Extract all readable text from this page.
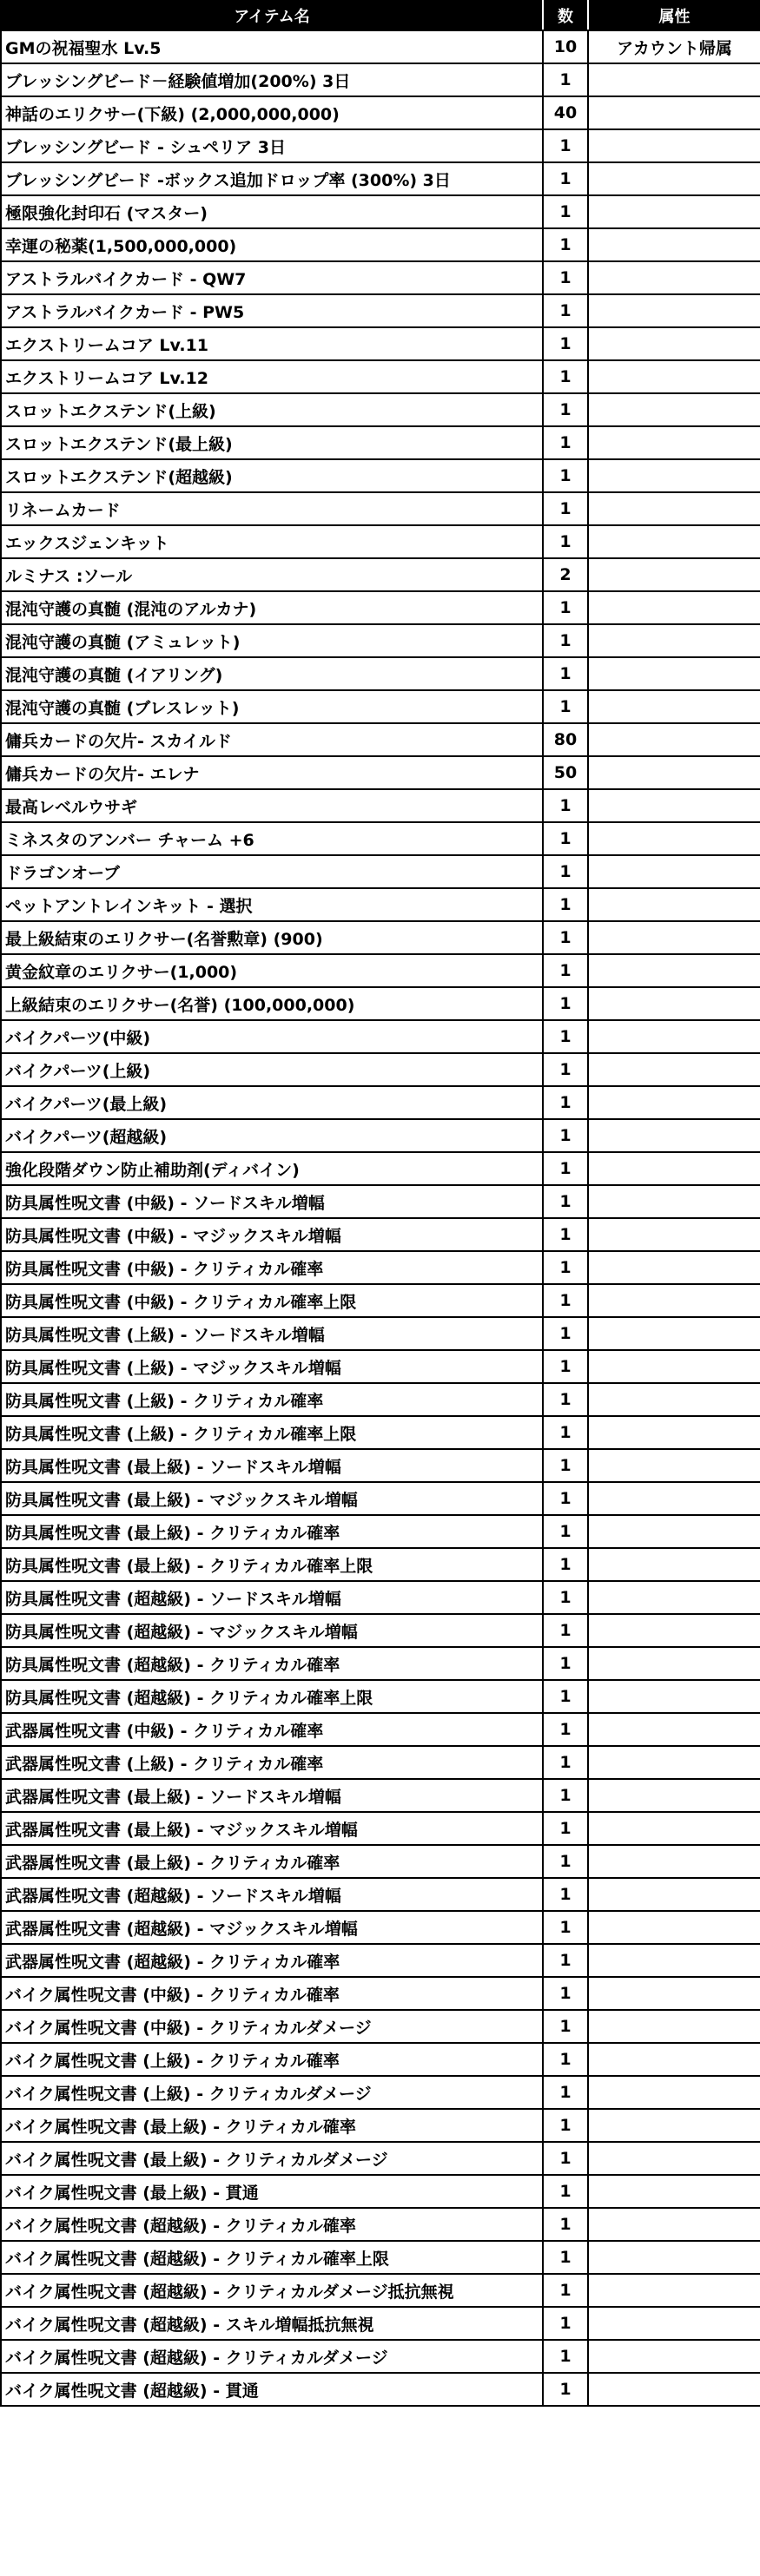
アイテム名	数	属性
GMの祝福聖水 Lv.5	10	アカウント帰属
ブレッシングビード－経験値増加(200%) 3日	1	
神話のエリクサー(下級) (2,000,000,000)	40	
ブレッシングビード - シュペリア 3日	1	
ブレッシングビード -ボックス追加ドロップ率 (300%) 3日	1	
極限強化封印石 (マスター)	1	
幸運の秘薬(1,500,000,000)	1	
アストラルバイクカード - QW7	1	
アストラルバイクカード - PW5	1	
エクストリームコア Lv.11	1	
エクストリームコア Lv.12	1	
スロットエクステンド(上級)	1	
スロットエクステンド(最上級)	1	
スロットエクステンド(超越級)	1	
リネームカード	1	
エックスジェンキット	1	
ルミナス :ソール	2	
混沌守護の真髄 (混沌のアルカナ)	1	
混沌守護の真髄 (アミュレット)	1	
混沌守護の真髄 (イアリング)	1	
混沌守護の真髄 (ブレスレット)	1	
傭兵カードの欠片- スカイルド	80	
傭兵カードの欠片- エレナ	50	
最高レベルウサギ	1	
ミネスタのアンバー チャーム +6	1	
ドラゴンオーブ	1	
ペットアントレインキット - 選択	1	
最上級結束のエリクサー(名誉勲章) (900)	1	
黄金紋章のエリクサー(1,000)	1	
上級結束のエリクサー(名誉) (100,000,000)	1	
バイクパーツ(中級)	1	
バイクパーツ(上級)	1	
バイクパーツ(最上級)	1	
バイクパーツ(超越級)	1	
強化段階ダウン防止補助剤(ディバイン)	1	
防具属性呪文書 (中級) - ソードスキル増幅	1	
防具属性呪文書 (中級) - マジックスキル増幅	1	
防具属性呪文書 (中級) - クリティカル確率	1	
防具属性呪文書 (中級) - クリティカル確率上限	1	
防具属性呪文書 (上級) - ソードスキル増幅	1	
防具属性呪文書 (上級) - マジックスキル増幅	1	
防具属性呪文書 (上級) - クリティカル確率	1	
防具属性呪文書 (上級) - クリティカル確率上限	1	
防具属性呪文書 (最上級) - ソードスキル増幅	1	
防具属性呪文書 (最上級) - マジックスキル増幅	1	
防具属性呪文書 (最上級) - クリティカル確率	1	
防具属性呪文書 (最上級) - クリティカル確率上限	1	
防具属性呪文書 (超越級) - ソードスキル増幅	1	
防具属性呪文書 (超越級) - マジックスキル増幅	1	
防具属性呪文書 (超越級) - クリティカル確率	1	
防具属性呪文書 (超越級) - クリティカル確率上限	1	
武器属性呪文書 (中級) - クリティカル確率	1	
武器属性呪文書 (上級) - クリティカル確率	1	
武器属性呪文書 (最上級) - ソードスキル増幅	1	
武器属性呪文書 (最上級) - マジックスキル増幅	1	
武器属性呪文書 (最上級) - クリティカル確率	1	
武器属性呪文書 (超越級) - ソードスキル増幅	1	
武器属性呪文書 (超越級) - マジックスキル増幅	1	
武器属性呪文書 (超越級) - クリティカル確率	1	
バイク属性呪文書 (中級) - クリティカル確率	1	
バイク属性呪文書 (中級) - クリティカルダメージ	1	
バイク属性呪文書 (上級) - クリティカル確率	1	
バイク属性呪文書 (上級) - クリティカルダメージ	1	
バイク属性呪文書 (最上級) - クリティカル確率	1	
バイク属性呪文書 (最上級) - クリティカルダメージ	1	
バイク属性呪文書 (最上級) - 貫通	1	
バイク属性呪文書 (超越級) - クリティカル確率	1	
バイク属性呪文書 (超越級) - クリティカル確率上限	1	
バイク属性呪文書 (超越級) - クリティカルダメージ抵抗無視	1	
バイク属性呪文書 (超越級) - スキル増幅抵抗無視	1	
バイク属性呪文書 (超越級) - クリティカルダメージ	1	
バイク属性呪文書 (超越級) - 貫通	1	
